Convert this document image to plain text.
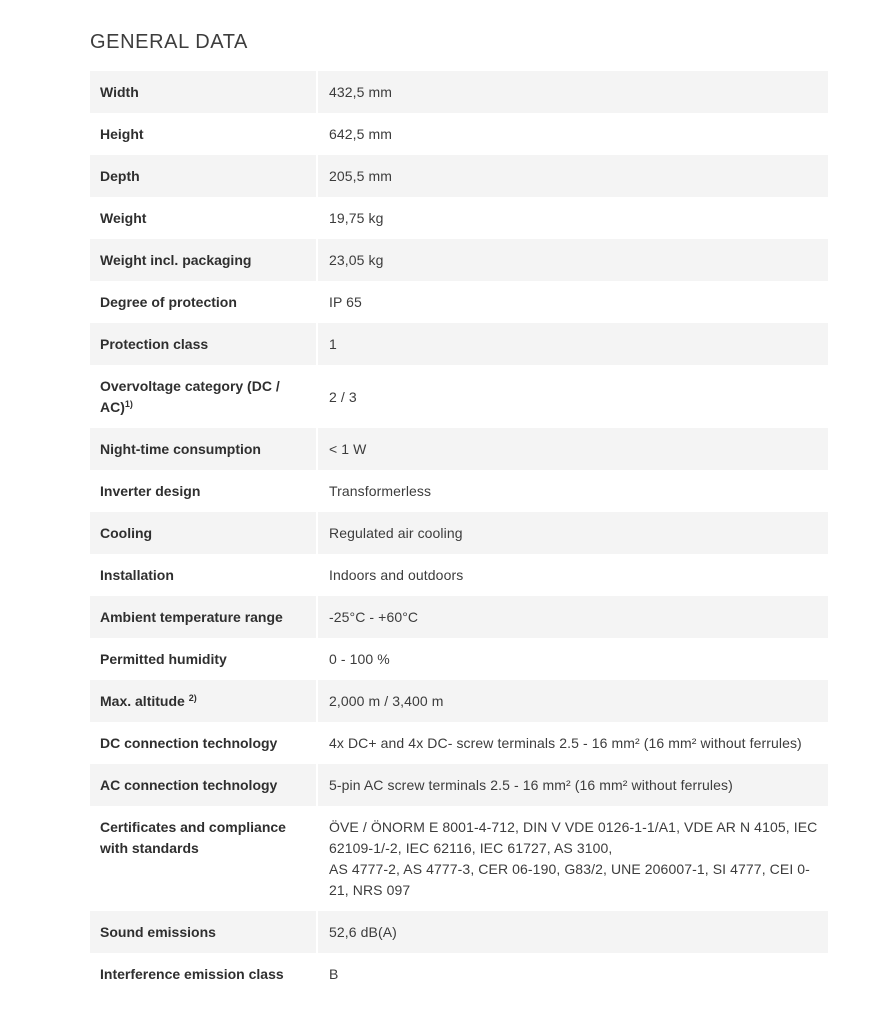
GENERAL DATA
Width	432,5 mm
Height	642,5 mm
Depth	205,5 mm
Weight	19,75 kg
Weight incl. packaging	23,05 kg
Degree of protection	IP 65
Protection class	1
Overvoltage category (DC / AC)$^{1)}$	2 / 3
Night-time consumption	< 1 W
Inverter design	Transformerless
Cooling	Regulated air cooling
Installation	Indoors and outdoors
Ambient temperature range	-25°C - +60°C
Permitted humidity	0 - 100 %
Max. altitude $^{2)}$	2,000 m / 3,400 m
DC connection technology	4x DC+ and 4x DC- screw terminals 2.5 - 16 mm² (16 mm² without ferrules)
AC connection technology	5-pin AC screw terminals 2.5 - 16 mm² (16 mm² without ferrules)
Certificates and compliance with standards	ÖVE / ÖNORM E 8001-4-712, DIN V VDE 0126-1-1/A1, VDE AR N 4105, IEC 62109-1/-2, IEC 62116, IEC 61727, AS 3100,
AS 4777-2, AS 4777-3, CER 06-190, G83/2, UNE 206007-1, SI 4777, CEI 0-21, NRS 097
Sound emissions	52,6 dB(A)
Interference emission class	B
